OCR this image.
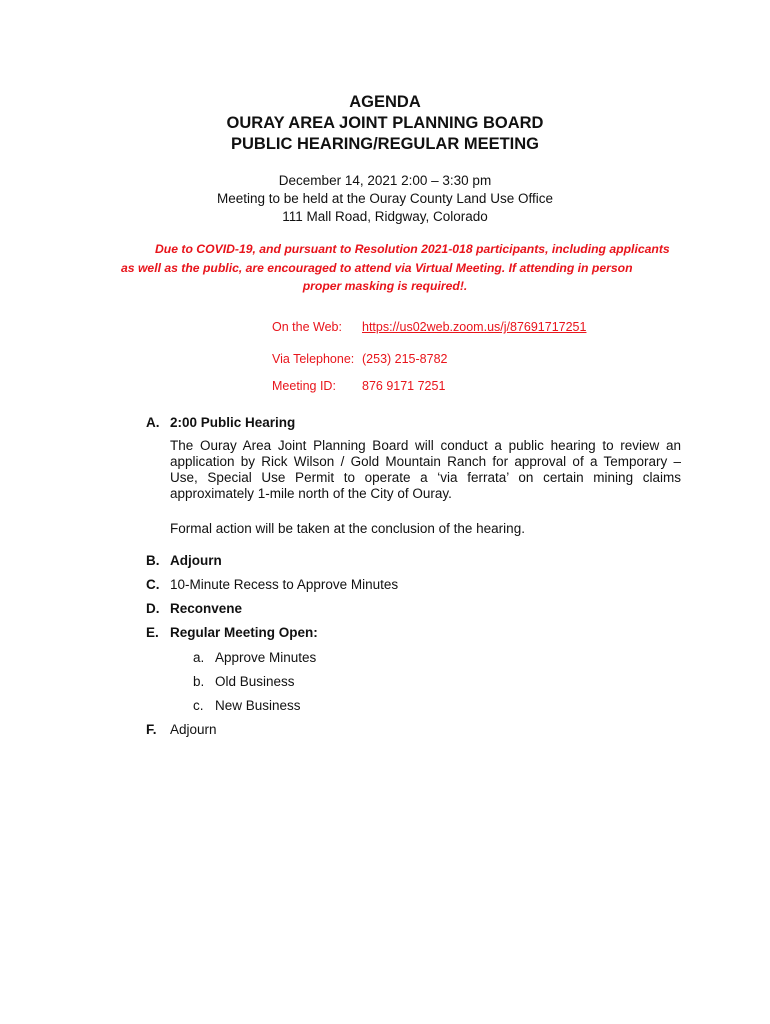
AGENDA
OURAY AREA JOINT PLANNING BOARD
PUBLIC HEARING/REGULAR MEETING
December 14, 2021 2:00 – 3:30 pm
Meeting to be held at the Ouray County Land Use Office
111 Mall Road, Ridgway, Colorado
Due to COVID-19, and pursuant to Resolution 2021-018 participants, including applicants
as well as the public, are encouraged to attend via Virtual Meeting. If attending in person
proper masking is required!.
On the Web: https://us02web.zoom.us/j/87691717251
Via Telephone: (253) 215-8782
Meeting ID: 876 9171 7251
A. 2:00 Public Hearing
The Ouray Area Joint Planning Board will conduct a public hearing to review an
application by Rick Wilson / Gold Mountain Ranch for approval of a Temporary –
Use, Special Use Permit to operate a ‘via ferrata’ on certain mining claims
approximately 1-mile north of the City of Ouray.
Formal action will be taken at the conclusion of the hearing.
B. Adjourn
C. 10-Minute Recess to Approve Minutes
D. Reconvene
E. Regular Meeting Open:
a. Approve Minutes
b. Old Business
c. New Business
F. Adjourn
